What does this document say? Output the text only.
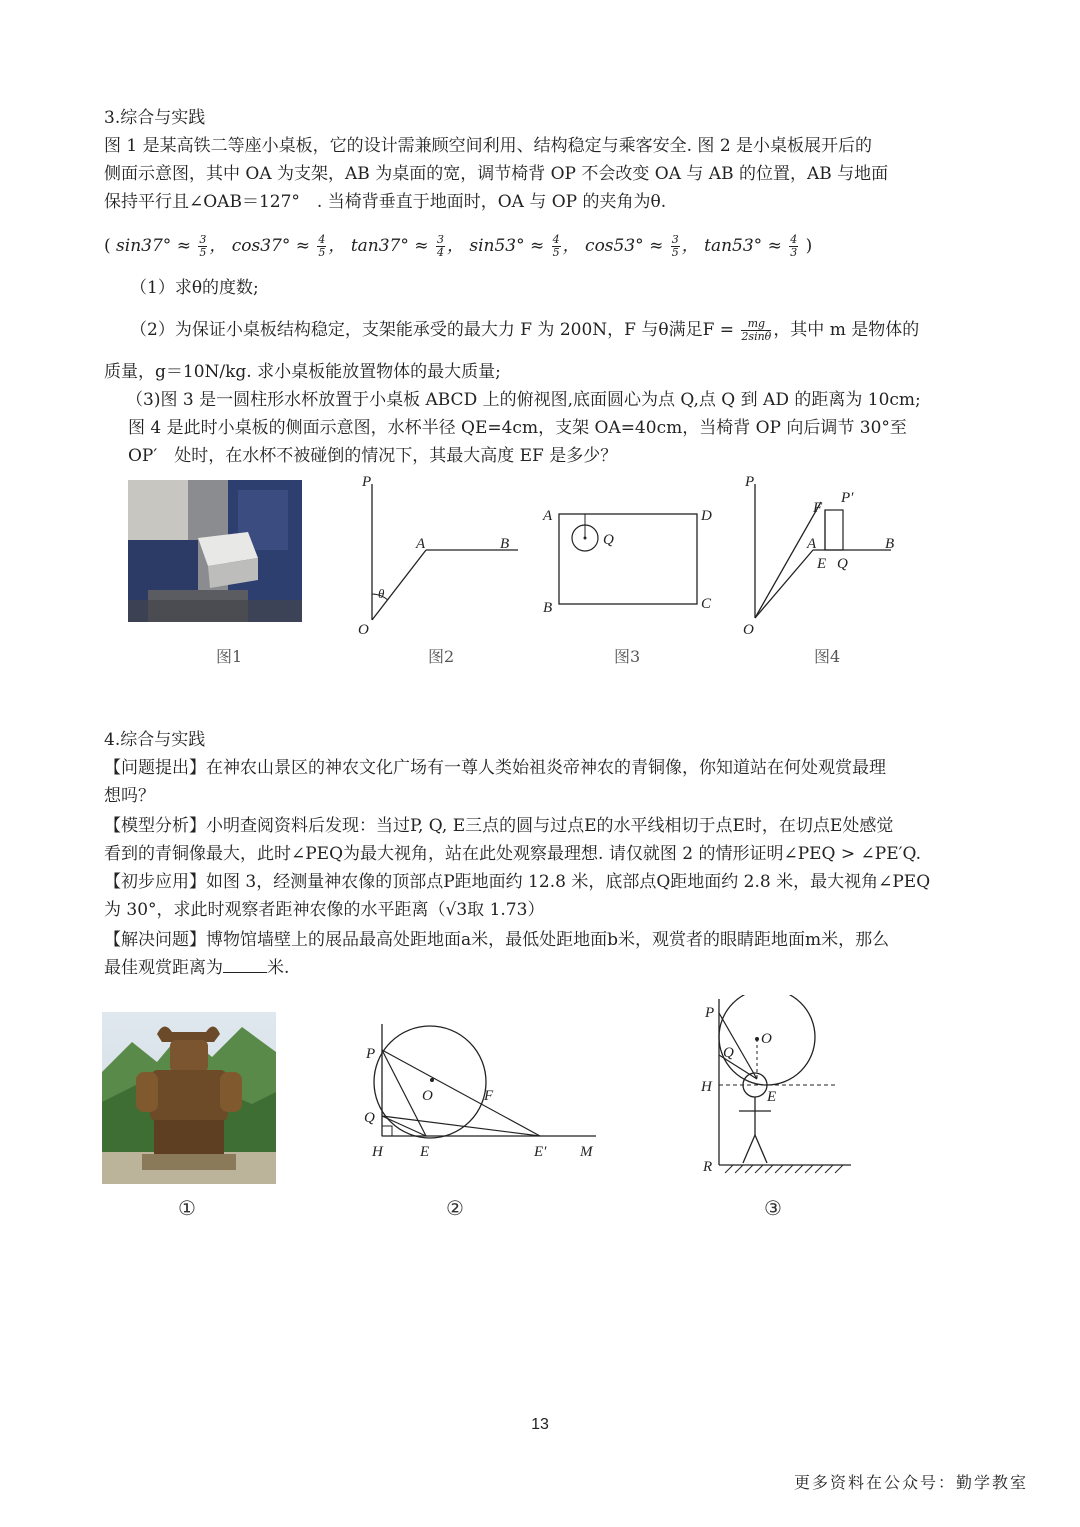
3.综合与实践
图 1 是某高铁二等座小桌板，它的设计需兼顾空间利用、结构稳定与乘客安全. 图 2 是小桌板展开后的
侧面示意图，其中 OA 为支架，AB 为桌面的宽，调节椅背 OP 不会改变 OA 与 AB 的位置，AB 与地面
保持平行且∠OAB＝127°　. 当椅背垂直于地面时，OA 与 OP 的夹角为θ.
( $\sin 37^\circ \approx \frac{3}{5}$ ， $\cos 37^\circ \approx \frac{4}{5}$ ， $\tan 37^\circ \approx \frac{3}{4}$ ， $\sin 53^\circ \approx \frac{4}{5}$ ， $\cos 53^\circ \approx \frac{3}{5}$ ， $\tan 53^\circ \approx \frac{4}{3}$ )
（1）求θ的度数;
（2）为保证小桌板结构稳定，支架能承受的最大力 F 为 200N，F 与θ满足$F = \frac{mg}{2\sin\theta}$ ，其中 m 是物体的
质量，g＝10N/kg. 求小桌板能放置物体的最大质量;
（3)图 3 是一圆柱形水杯放置于小桌板 ABCD 上的俯视图,底面圆心为点 Q,点 Q 到 AD 的距离为 10cm;
图 4 是此时小桌板的侧面示意图，水杯半径 QE=4cm，支架 OA=40cm，当椅背 OP 向后调节 30°至
OP′　处时，在水杯不被碰倒的情况下，其最大高度 EF 是多少？
P
A	B
O
θ
A	D
Q
B	C
P
F
P′
A
E Q
B
O
图1	图2	图3	图4
4.综合与实践
【问题提出】在神农山景区的神农文化广场有一尊人类始祖炎帝神农的青铜像，你知道站在何处观赏最理
想吗？
【模型分析】小明查阅资料后发现：当过P, Q, E三点的圆与过点E的水平线相切于点E时，在切点E处感觉
看到的青铜像最大，此时∠PEQ为最大视角，站在此处观察最理想. 请仅就图 2 的情形证明∠PEQ > ∠PE′Q.
【初步应用】如图 3，经测量神农像的顶部点P距地面约 12.8 米，底部点Q距地面约 2.8 米，最大视角∠PEQ
为 30°，求此时观察者距神农像的水平距离（√3取 1.73）
【解决问题】博物馆墙壁上的展品最高处距地面a米，最低处距地面b米，观赏者的眼睛距地面m米，那么
最佳观赏距离为	米.
P
O	F
Q
H E	E′ M
P
O
Q
H
E
R
①	②	③
13
更多资料在公众号：勤学教室
